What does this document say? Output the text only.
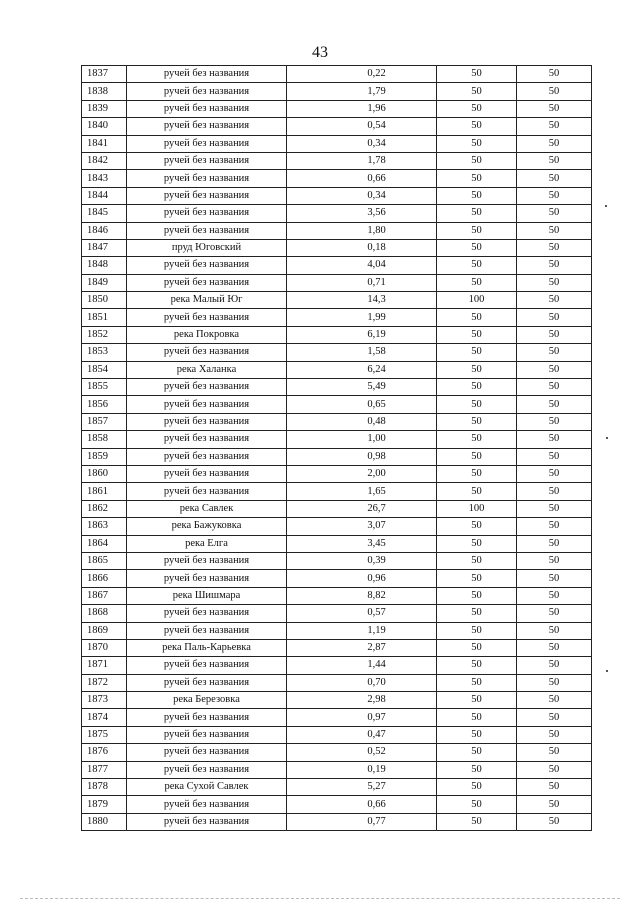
43
1837	ручей без названия	0,22	50	50
1838	ручей без названия	1,79	50	50
1839	ручей без названия	1,96	50	50
1840	ручей без названия	0,54	50	50
1841	ручей без названия	0,34	50	50
1842	ручей без названия	1,78	50	50
1843	ручей без названия	0,66	50	50
1844	ручей без названия	0,34	50	50
1845	ручей без названия	3,56	50	50
1846	ручей без названия	1,80	50	50
1847	пруд Юговский	0,18	50	50
1848	ручей без названия	4,04	50	50
1849	ручей без названия	0,71	50	50
1850	река Малый Юг	14,3	100	50
1851	ручей без названия	1,99	50	50
1852	река Покровка	6,19	50	50
1853	ручей без названия	1,58	50	50
1854	река Халанка	6,24	50	50
1855	ручей без названия	5,49	50	50
1856	ручей без названия	0,65	50	50
1857	ручей без названия	0,48	50	50
1858	ручей без названия	1,00	50	50
1859	ручей без названия	0,98	50	50
1860	ручей без названия	2,00	50	50
1861	ручей без названия	1,65	50	50
1862	река Савлек	26,7	100	50
1863	река Бажуковка	3,07	50	50
1864	река Елга	3,45	50	50
1865	ручей без названия	0,39	50	50
1866	ручей без названия	0,96	50	50
1867	река Шишмара	8,82	50	50
1868	ручей без названия	0,57	50	50
1869	ручей без названия	1,19	50	50
1870	река Паль-Карьевка	2,87	50	50
1871	ручей без названия	1,44	50	50
1872	ручей без названия	0,70	50	50
1873	река Березовка	2,98	50	50
1874	ручей без названия	0,97	50	50
1875	ручей без названия	0,47	50	50
1876	ручей без названия	0,52	50	50
1877	ручей без названия	0,19	50	50
1878	река Сухой Савлек	5,27	50	50
1879	ручей без названия	0,66	50	50
1880	ручей без названия	0,77	50	50
